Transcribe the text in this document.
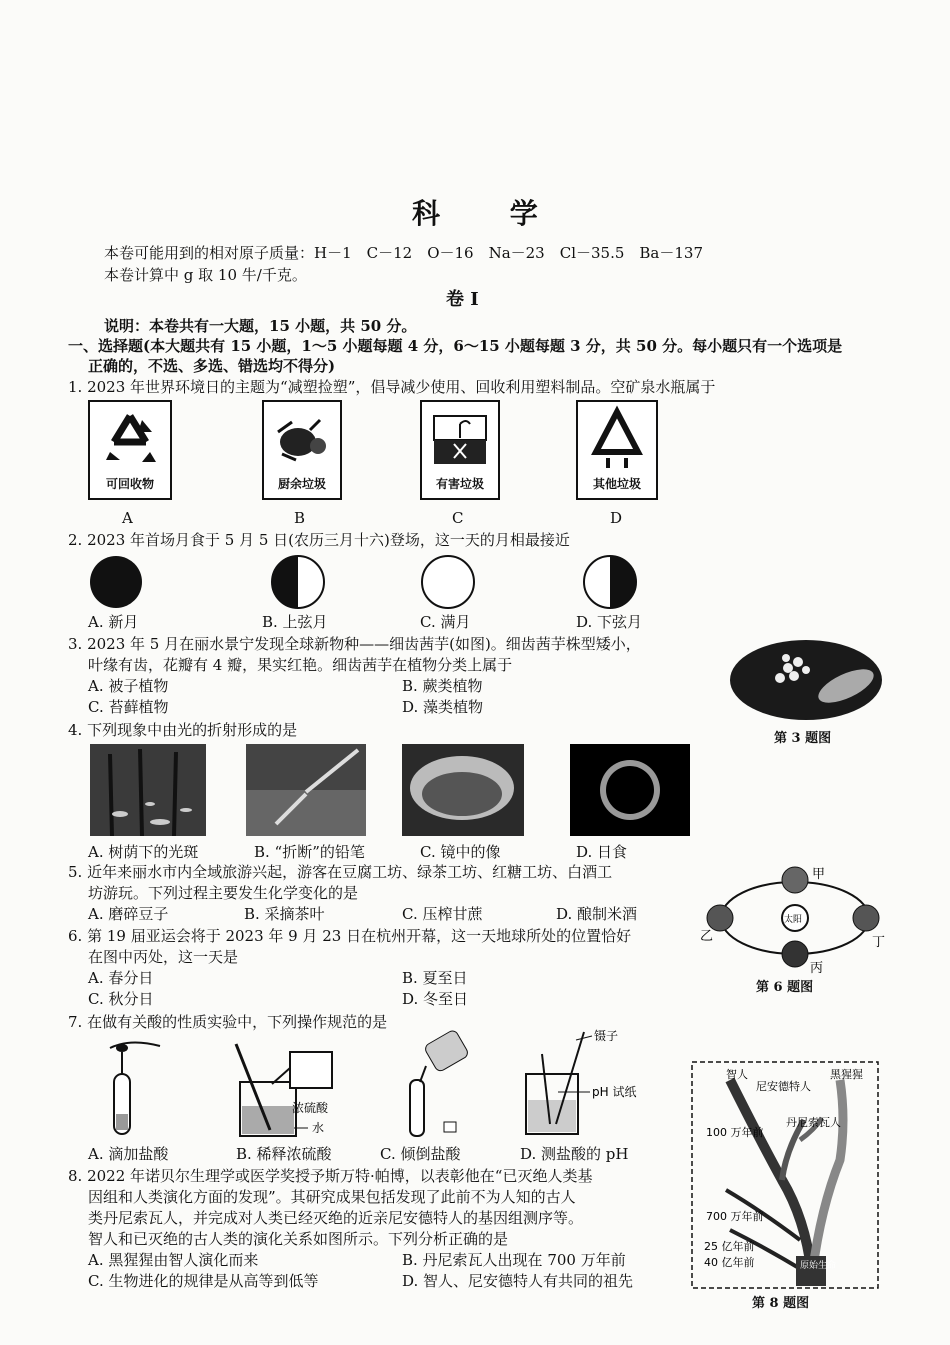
科 学
本卷可能用到的相对原子质量：H－1　C－12　O－16　Na－23　Cl－35.5　Ba－137
本卷计算中 g 取 10 牛/千克。
卷 Ⅰ
说明：本卷共有一大题，15 小题，共 50 分。
一、选择题(本大题共有 15 小题，1～5 小题每题 4 分，6～15 小题每题 3 分，共 50 分。每小题只有一个选项是
正确的，不选、多选、错选均不得分)
1. 2023 年世界环境日的主题为“减塑捡塑”，倡导减少使用、回收利用塑料制品。空矿泉水瓶属于
可回收物	厨余垃圾	有害垃圾	其他垃圾
A	B	C	D
2. 2023 年首场月食于 5 月 5 日(农历三月十六)登场，这一天的月相最接近
A. 新月	B. 上弦月	C. 满月	D. 下弦月
3. 2023 年 5 月在丽水景宁发现全球新物种——细齿茜芋(如图)。细齿茜芋株型矮小，
叶缘有齿，花瓣有 4 瓣，果实红艳。细齿茜芋在植物分类上属于
A. 被子植物	B. 蕨类植物
C. 苔藓植物	D. 藻类植物
第 3 题图
4. 下列现象中由光的折射形成的是
A. 树荫下的光斑	B. “折断”的铅笔	C. 镜中的像	D. 日食
5. 近年来丽水市内全域旅游兴起，游客在豆腐工坊、绿茶工坊、红糖工坊、白酒工
坊游玩。下列过程主要发生化学变化的是
A. 磨碎豆子	B. 采摘茶叶	C. 压榨甘蔗	D. 酿制米酒
6. 第 19 届亚运会将于 2023 年 9 月 23 日在杭州开幕，这一天地球所处的位置恰好
在图中丙处，这一天是
A. 春分日	B. 夏至日
C. 秋分日	D. 冬至日
太阳
甲
乙
丙
丁
第 6 题图
7. 在做有关酸的性质实验中，下列操作规范的是
浓硫酸
水
镊子
pH 试纸
A. 滴加盐酸	B. 稀释浓硫酸	C. 倾倒盐酸	D. 测盐酸的 pH
8. 2022 年诺贝尔生理学或医学奖授予斯万特·帕博，以表彰他在“已灭绝人类基
因组和人类演化方面的发现”。其研究成果包括发现了此前不为人知的古人
类丹尼索瓦人，并完成对人类已经灭绝的近亲尼安德特人的基因组测序等。
智人和已灭绝的古人类的演化关系如图所示。下列分析正确的是
A. 黑猩猩由智人演化而来	B. 丹尼索瓦人出现在 700 万年前
C. 生物进化的规律是从高等到低等	D. 智人、尼安德特人有共同的祖先
原始生命
智人
尼安德特人
黑猩猩
丹尼索瓦人
100 万年前
700 万年前
25 亿年前
40 亿年前
第 8 题图
